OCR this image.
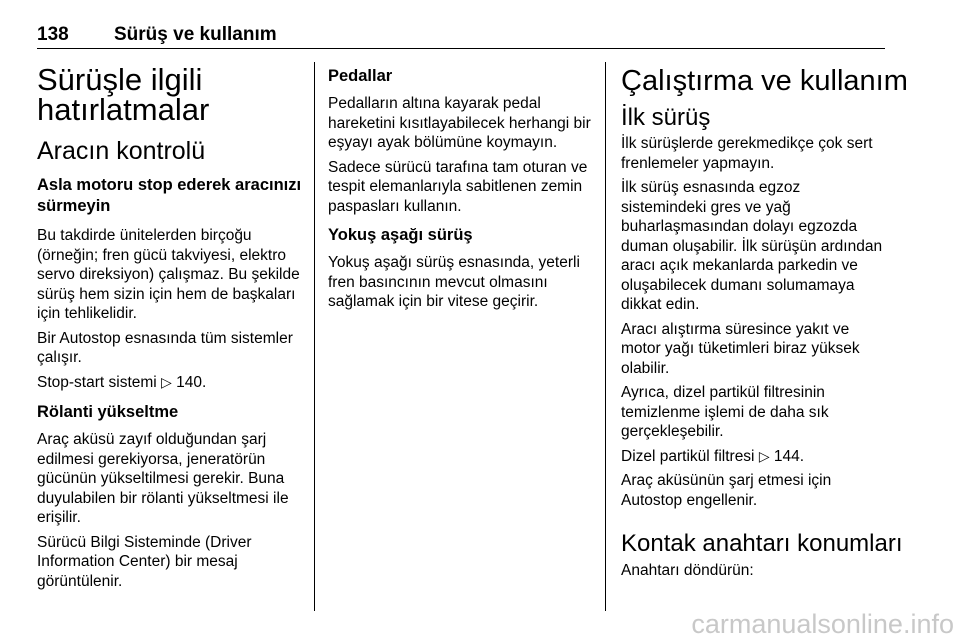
138 Sürüş ve kullanım
Sürüşle ilgili
hatırlatmalar
Aracın kontrolü
Asla motoru stop ederek aracınızı sürmeyin
Bu takdirde ünitelerden birçoğu (örneğin; fren gücü takviyesi, elektro servo direksiyon) çalışmaz. Bu şekilde sürüş hem sizin için hem de başkaları için tehlikelidir.
Bir Autostop esnasında tüm sistemler çalışır.
Stop-start sistemi ▷ 140.
Rölanti yükseltme
Araç aküsü zayıf olduğundan şarj edilmesi gerekiyorsa, jeneratörün gücünün yükseltilmesi gerekir. Buna duyulabilen bir rölanti yükseltmesi ile erişilir.
Sürücü Bilgi Sisteminde (Driver Information Center) bir mesaj görüntülenir.
Pedallar
Pedalların altına kayarak pedal hareketini kısıtlayabilecek herhangi bir eşyayı ayak bölümüne koymayın.
Sadece sürücü tarafına tam oturan ve tespit elemanlarıyla sabitlenen zemin paspasları kullanın.
Yokuş aşağı sürüş
Yokuş aşağı sürüş esnasında, yeterli fren basıncının mevcut olmasını sağlamak için bir vitese geçirir.
Çalıştırma ve kullanım
İlk sürüş
İlk sürüşlerde gerekmedikçe çok sert frenlemeler yapmayın.
İlk sürüş esnasında egzoz sistemindeki gres ve yağ buharlaşmasından dolayı egzozda duman oluşabilir. İlk sürüşün ardından aracı açık mekanlarda parkedin ve oluşabilecek dumanı solumamaya dikkat edin.
Aracı alıştırma süresince yakıt ve motor yağı tüketimleri biraz yüksek olabilir.
Ayrıca, dizel partikül filtresinin temizlenme işlemi de daha sık gerçekleşebilir.
Dizel partikül filtresi ▷ 144.
Araç aküsünün şarj etmesi için Autostop engellenir.
Kontak anahtarı konumları
Anahtarı döndürün:
carmanualsonline.info
